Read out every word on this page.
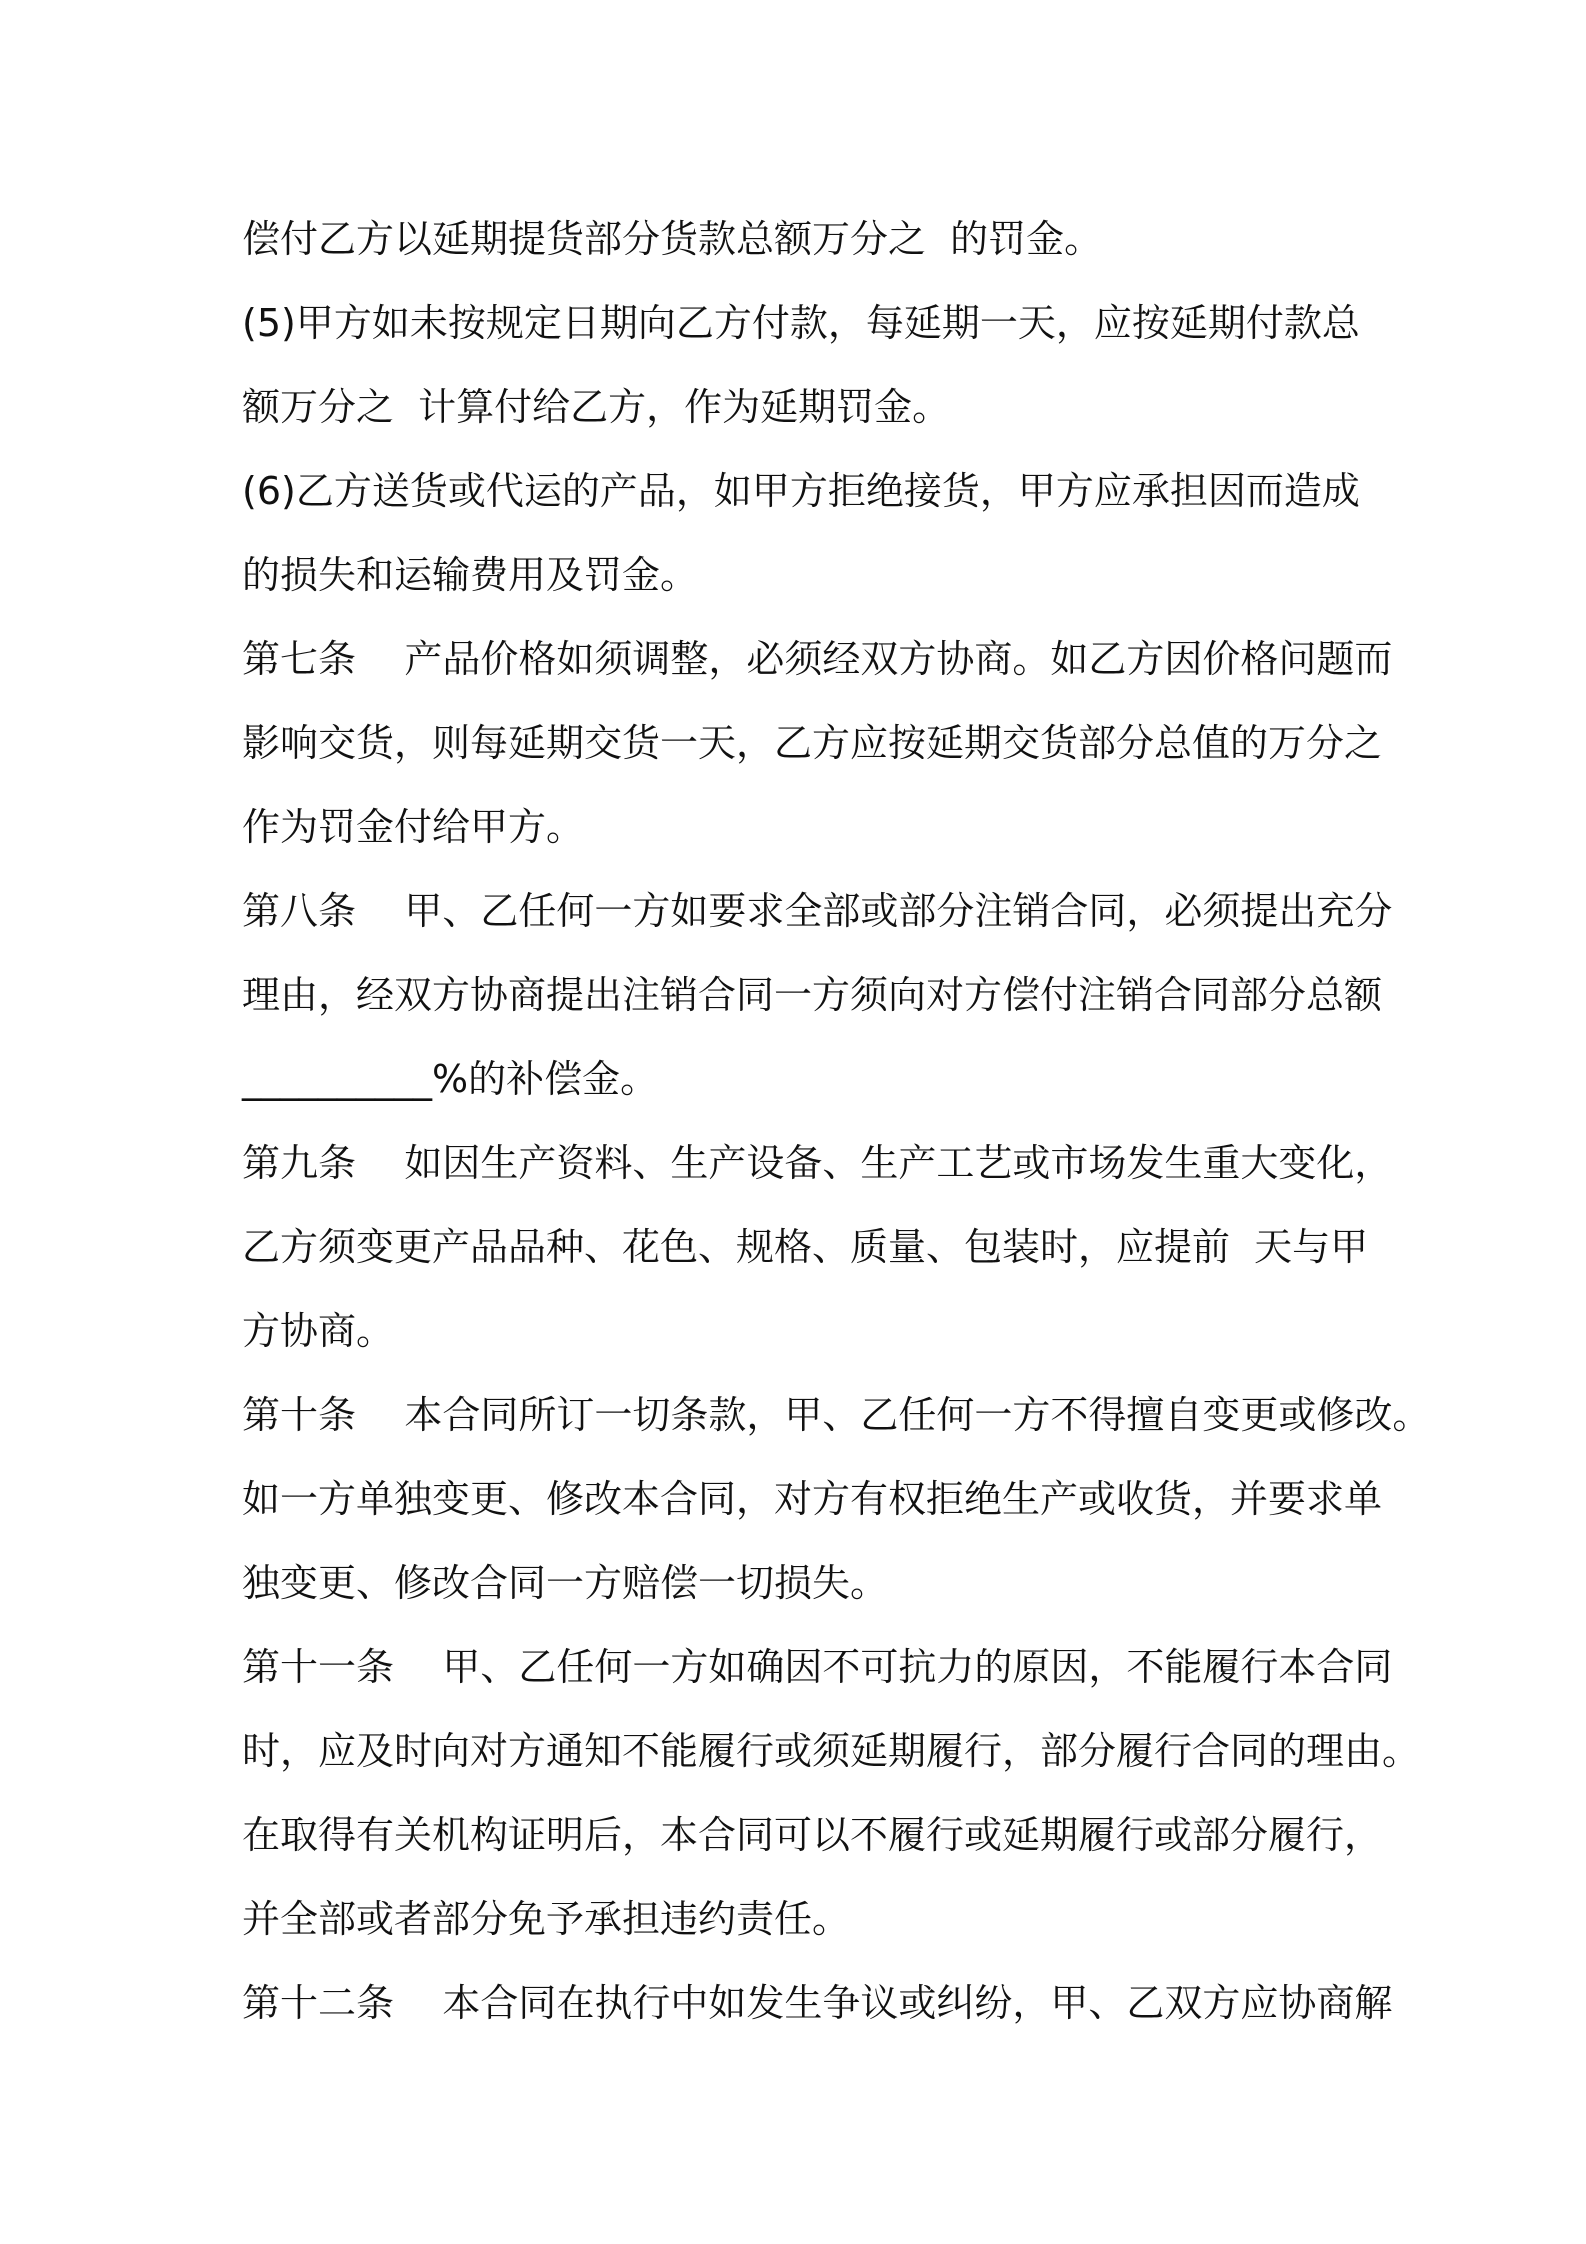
偿付乙方以延期提货部分货款总额万分之  的罚金。
(5)甲方如未按规定日期向乙方付款，每延期一天，应按延期付款总
额万分之  计算付给乙方，作为延期罚金。
(6)乙方送货或代运的产品，如甲方拒绝接货，甲方应承担因而造成
的损失和运输费用及罚金。
第七条    产品价格如须调整，必须经双方协商。如乙方因价格问题而
影响交货，则每延期交货一天，乙方应按延期交货部分总值的万分之
作为罚金付给甲方。
第八条    甲、乙任何一方如要求全部或部分注销合同，必须提出充分
理由，经双方协商提出注销合同一方须向对方偿付注销合同部分总额
__________%的补偿金。
第九条    如因生产资料、生产设备、生产工艺或市场发生重大变化，
乙方须变更产品品种、花色、规格、质量、包装时，应提前  天与甲
方协商。
第十条    本合同所订一切条款，甲、乙任何一方不得擅自变更或修改。
如一方单独变更、修改本合同，对方有权拒绝生产或收货，并要求单
独变更、修改合同一方赔偿一切损失。
第十一条    甲、乙任何一方如确因不可抗力的原因，不能履行本合同
时，应及时向对方通知不能履行或须延期履行，部分履行合同的理由。
在取得有关机构证明后，本合同可以不履行或延期履行或部分履行，
并全部或者部分免予承担违约责任。
第十二条    本合同在执行中如发生争议或纠纷，甲、乙双方应协商解
